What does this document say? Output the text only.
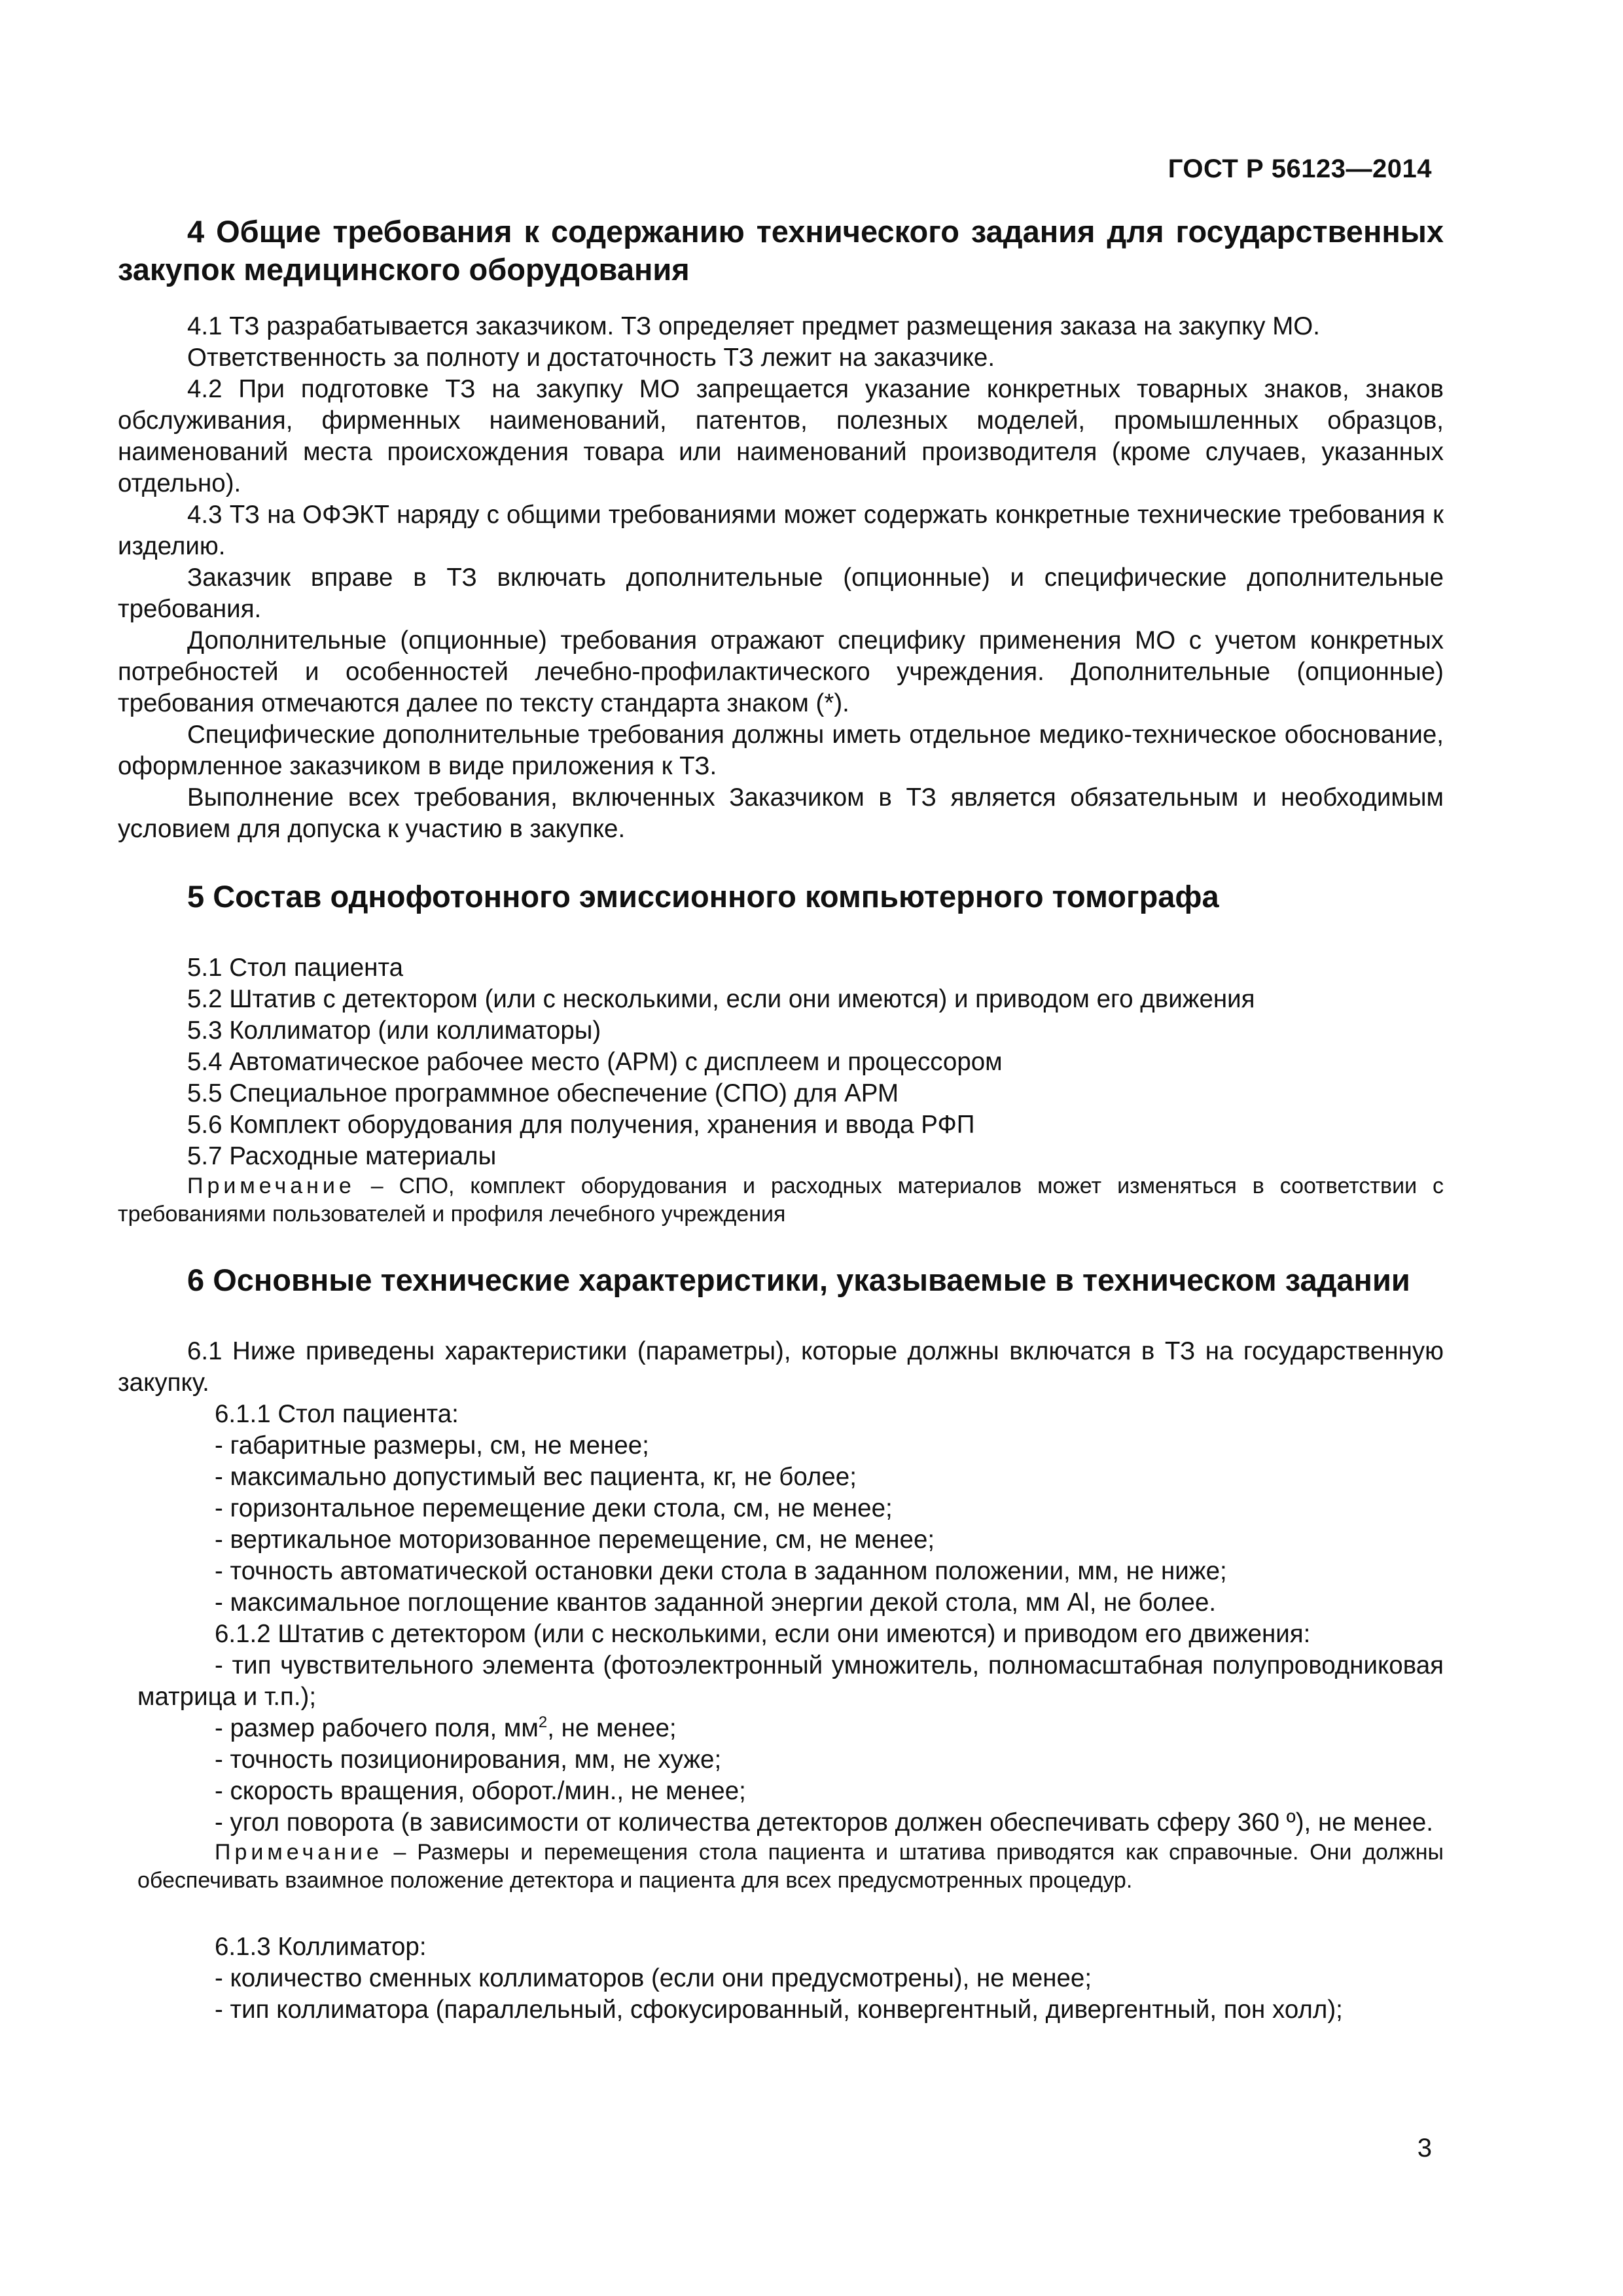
ГОСТ Р 56123—2014

4 Общие требования к содержанию технического задания для государственных закупок медицинского оборудования

4.1 ТЗ разрабатывается заказчиком. ТЗ определяет предмет размещения заказа на закупку МО.

Ответственность за полноту и достаточность ТЗ лежит на заказчике.

4.2 При подготовке ТЗ на закупку МО запрещается указание конкретных товарных знаков, знаков обслуживания, фирменных наименований, патентов, полезных моделей, промышленных образцов, наименований места происхождения товара или наименований производителя (кроме случаев, указанных отдельно).

4.3 ТЗ на ОФЭКТ наряду с общими требованиями может содержать конкретные технические требования к изделию.

Заказчик вправе в ТЗ включать дополнительные (опционные) и специфические дополнительные требования.

Дополнительные (опционные) требования отражают специфику применения МО с учетом конкретных потребностей и особенностей лечебно-профилактического учреждения. Дополнительные (опционные) требования отмечаются далее по тексту стандарта знаком (*).

Специфические дополнительные требования должны иметь отдельное медико-техническое обоснование, оформленное заказчиком в виде приложения к ТЗ.

Выполнение всех требования, включенных Заказчиком в ТЗ является обязательным и необходимым условием для допуска к участию в закупке.

5 Состав однофотонного эмиссионного компьютерного томографа

5.1 Стол пациента

5.2 Штатив с детектором (или с несколькими, если они имеются) и приводом его движения

5.3 Коллиматор (или коллиматоры)

5.4 Автоматическое рабочее место (АРМ) с дисплеем и процессором

5.5 Специальное программное обеспечение (СПО) для АРМ

5.6 Комплект оборудования для получения, хранения и ввода РФП

5.7 Расходные материалы

Примечание – СПО, комплект оборудования и расходных материалов может изменяться в соответствии с требованиями пользователей и профиля лечебного учреждения

6 Основные технические характеристики, указываемые в техническом задании

6.1 Ниже приведены характеристики (параметры), которые должны включатся в ТЗ на государственную закупку.

6.1.1 Стол пациента:

- габаритные размеры, см, не менее;

- максимально допустимый вес пациента, кг, не более;

- горизонтальное перемещение деки стола, см, не менее;

- вертикальное моторизованное перемещение, см, не менее;

- точность автоматической остановки деки стола в заданном положении, мм, не ниже;

- максимальное поглощение квантов заданной энергии декой стола, мм Al, не более.

6.1.2 Штатив с детектором (или с несколькими, если они имеются) и приводом его движения:

- тип чувствительного элемента (фотоэлектронный умножитель, полномасштабная полупроводниковая матрица и т.п.);

- размер рабочего поля, $мм^2$, не менее;

- точность позиционирования, мм, не хуже;

- скорость вращения, оборот./мин., не менее;

- угол поворота (в зависимости от количества детекторов должен обеспечивать сферу 360 º), не менее.

Примечание – Размеры и перемещения стола пациента и штатива приводятся как справочные. Они должны обеспечивать взаимное положение детектора и пациента для всех предусмотренных процедур.

6.1.3 Коллиматор:

- количество сменных коллиматоров (если они предусмотрены), не менее;

- тип коллиматора (параллельный, сфокусированный, конвергентный, дивергентный, пон холл);

3
